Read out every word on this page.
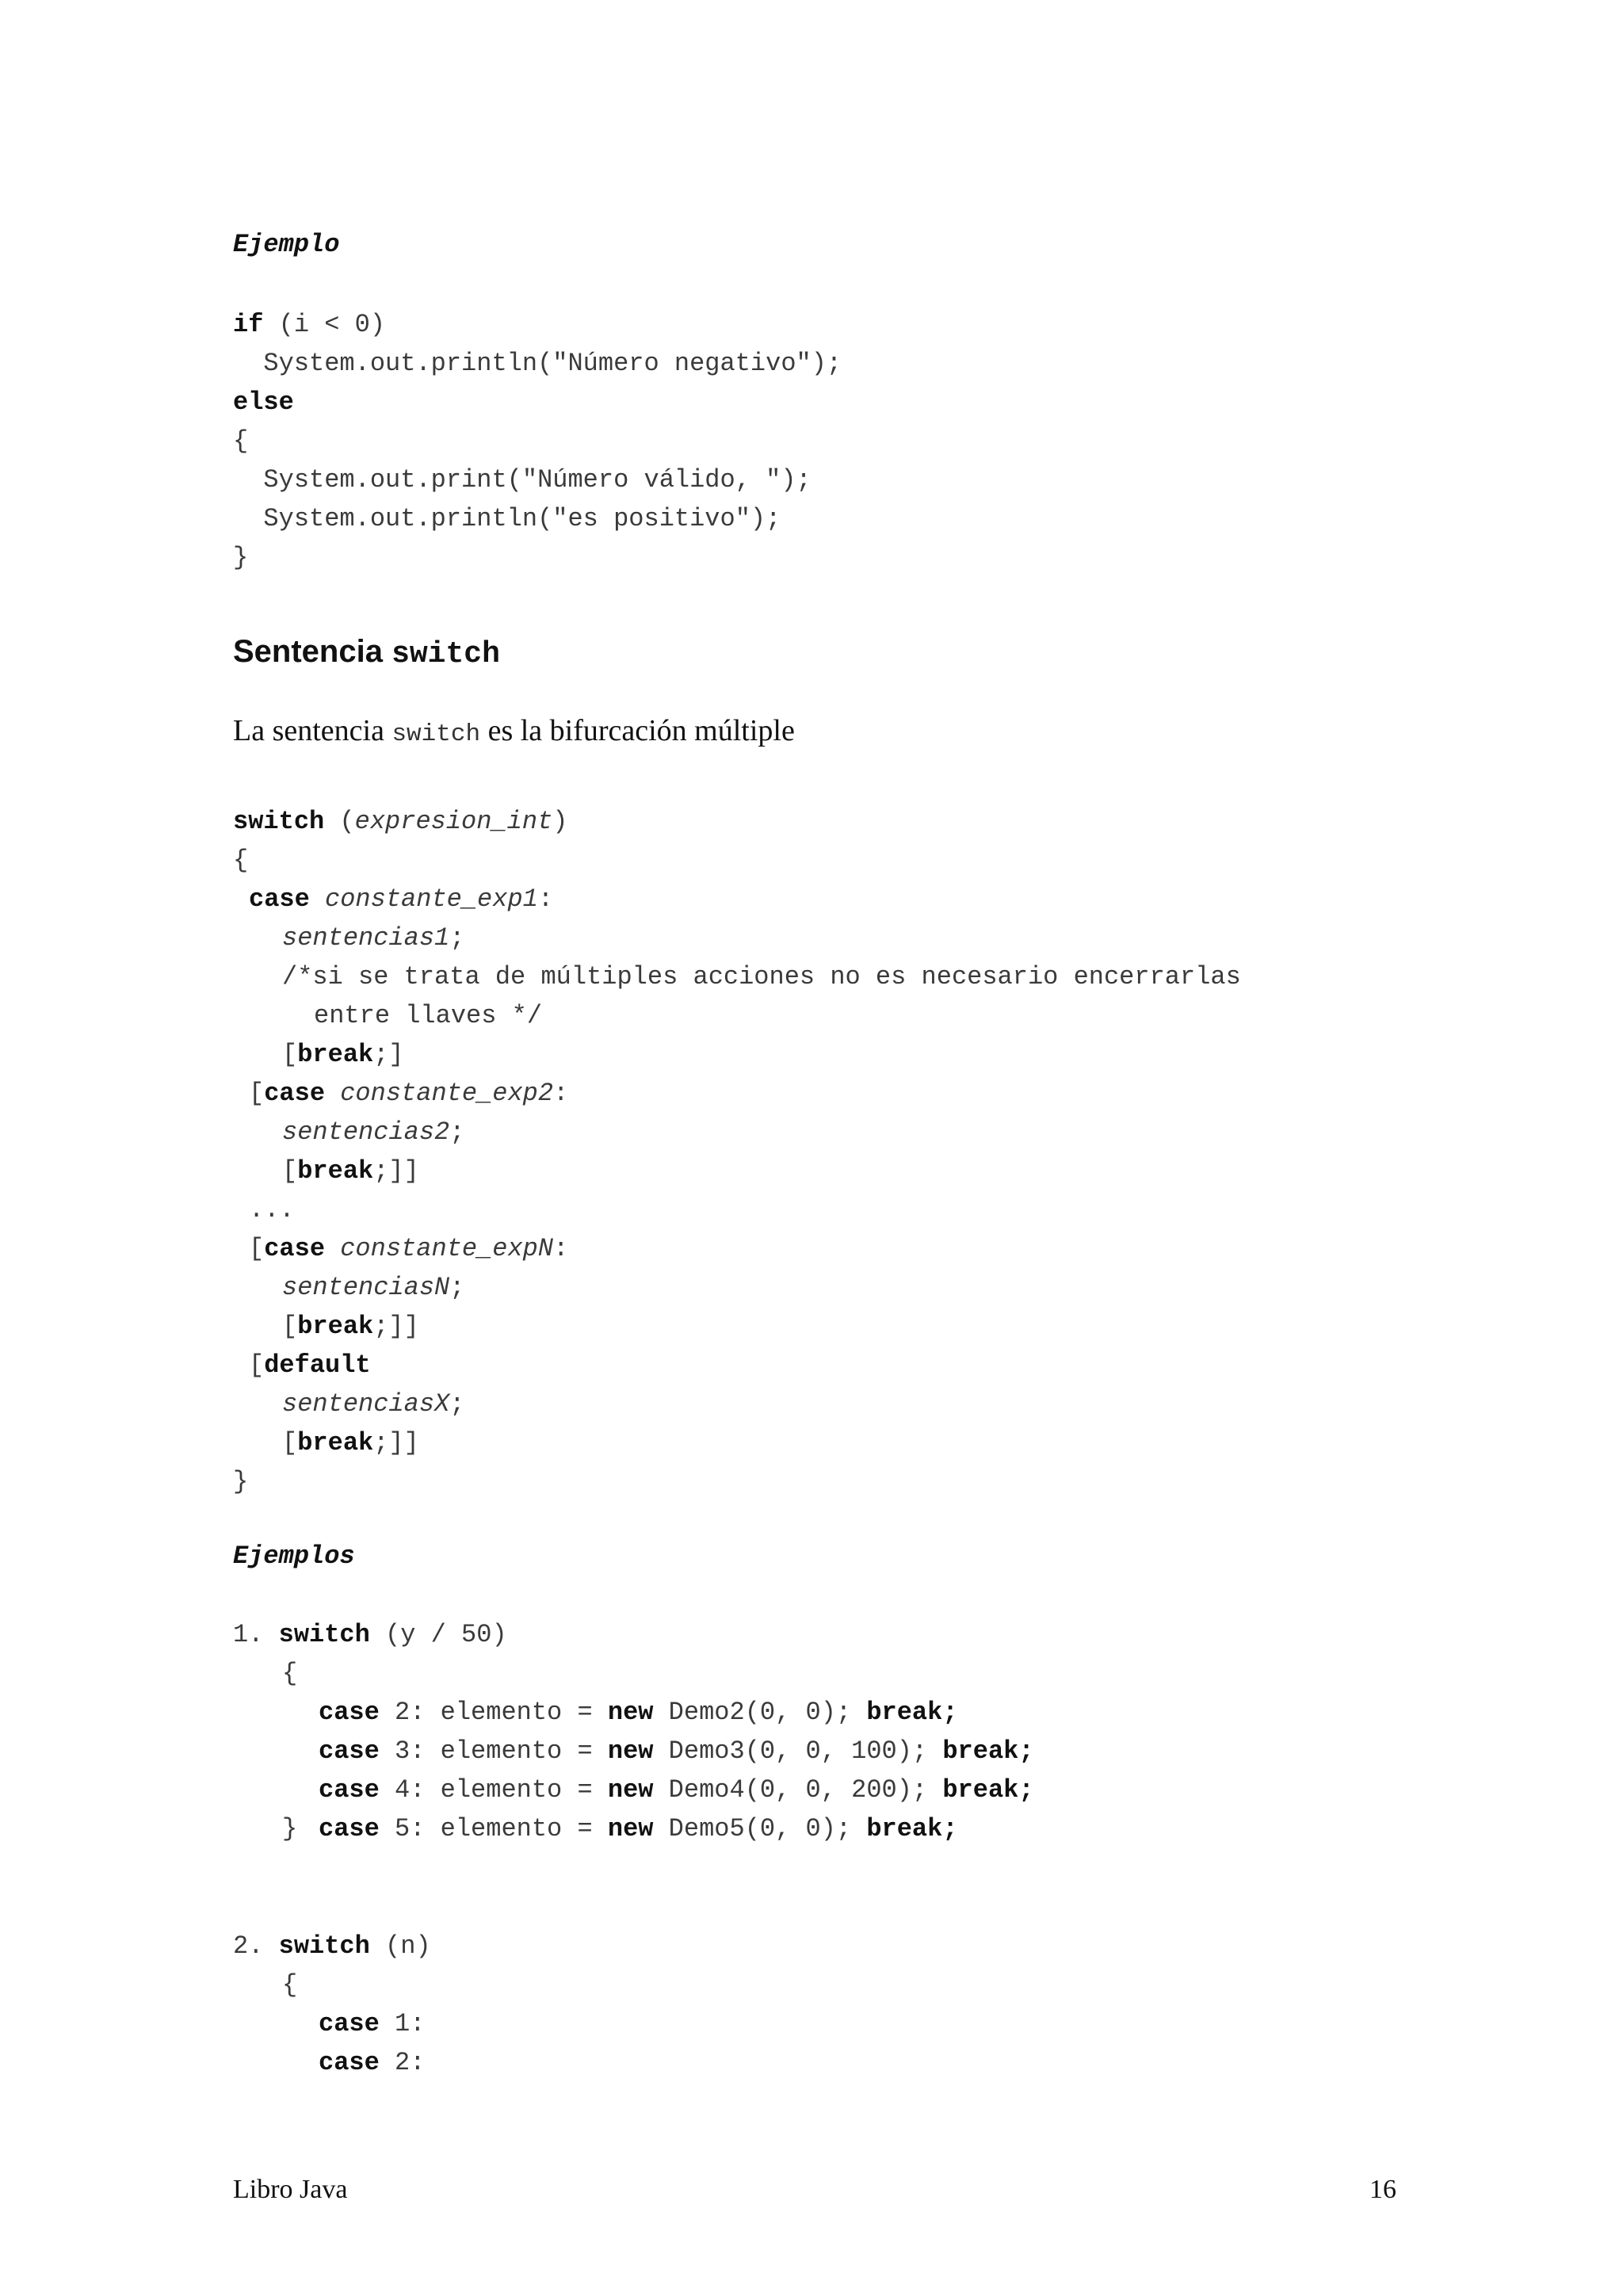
Ejemplo

if (i < 0)

System.out.println("Número negativo");

else

{

System.out.print("Número válido, ");

System.out.println("es positivo");

}

Sentencia switch
La sentencia switch es la bifurcación múltiple

switch (expresion_int)

{

case constante_exp1:

sentencias1;

/*si se trata de múltiples acciones no es necesario encerrarlas

entre llaves */

[break;]

[case constante_exp2:

sentencias2;

[break;]]

...

[case constante_expN:

sentenciasN;

[break;]]

[default

sentenciasX;

[break;]]

}

Ejemplos

1. switch (y / 50)

{

case 2: elemento = new Demo2(0, 0); break;
case 3: elemento = new Demo3(0, 0, 100); break;
case 4: elemento = new Demo4(0, 0, 200); break;
case 5: elemento = new Demo5(0, 0); break;

}

2. switch (n)

{

case 1:

case 2:

Libro Java	16
